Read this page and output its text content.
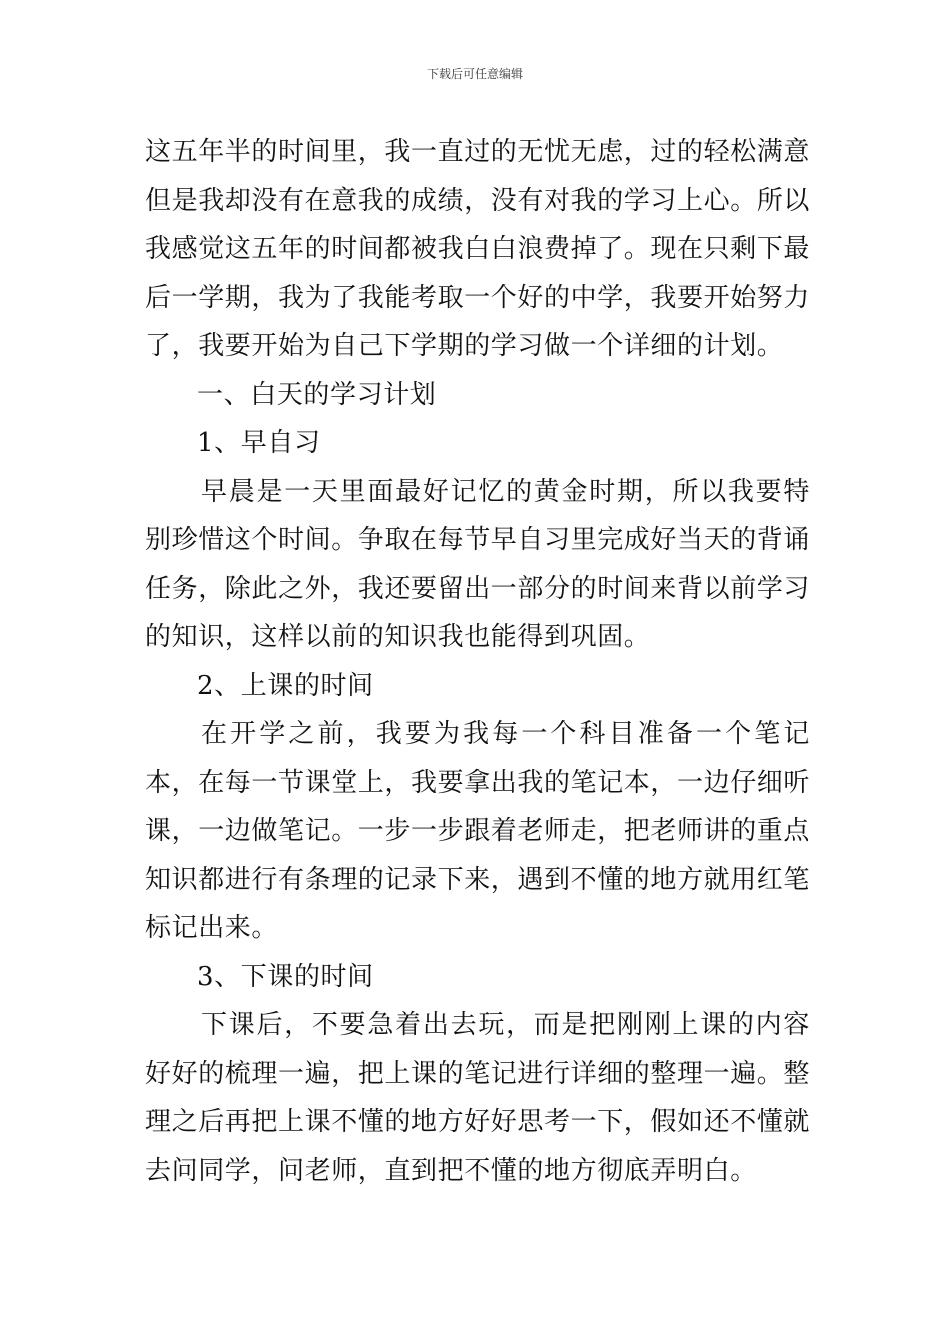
下载后可任意编辑

这五年半的时间里，我一直过的无忧无虑，过的轻松满意但是我却没有在意我的成绩，没有对我的学习上心。所以我感觉这五年的时间都被我白白浪费掉了。现在只剩下最后一学期，我为了我能考取一个好的中学，我要开始努力了，我要开始为自己下学期的学习做一个详细的计划。

一、白天的学习计划

1、早自习

早晨是一天里面最好记忆的黄金时期，所以我要特别珍惜这个时间。争取在每节早自习里完成好当天的背诵任务，除此之外，我还要留出一部分的时间来背以前学习的知识，这样以前的知识我也能得到巩固。

2、上课的时间

在开学之前，我要为我每一个科目准备一个笔记本，在每一节课堂上，我要拿出我的笔记本，一边仔细听课，一边做笔记。一步一步跟着老师走，把老师讲的重点知识都进行有条理的记录下来，遇到不懂的地方就用红笔标记出来。

3、下课的时间

下课后，不要急着出去玩，而是把刚刚上课的内容好好的梳理一遍，把上课的笔记进行详细的整理一遍。整理之后再把上课不懂的地方好好思考一下，假如还不懂就去问同学，问老师，直到把不懂的地方彻底弄明白。
